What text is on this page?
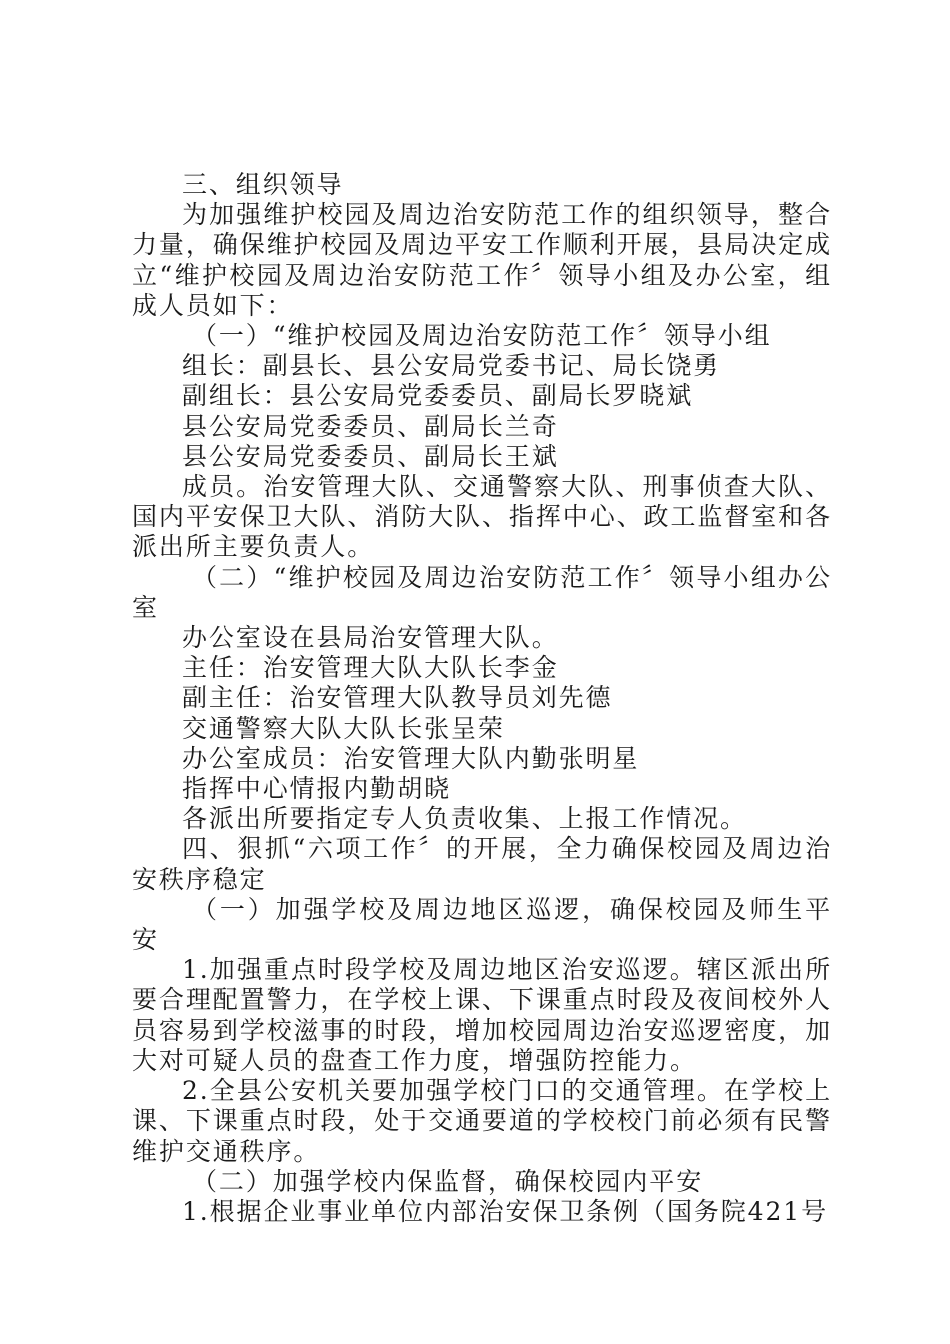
三、组织领导

为加强维护校园及周边治安防范工作的组织领导，整合力量，确保维护校园及周边平安工作顺利开展，县局决定成立“维护校园及周边治安防范工作〞领导小组及办公室，组成人员如下：

（一）“维护校园及周边治安防范工作〞领导小组

组长：副县长、县公安局党委书记、局长饶勇

副组长：县公安局党委委员、副局长罗晓斌

县公安局党委委员、副局长兰奇

县公安局党委委员、副局长王斌

成员。治安管理大队、交通警察大队、刑事侦查大队、国内平安保卫大队、消防大队、指挥中心、政工监督室和各派出所主要负责人。

（二）“维护校园及周边治安防范工作〞领导小组办公室

办公室设在县局治安管理大队。

主任：治安管理大队大队长李金

副主任：治安管理大队教导员刘先德

交通警察大队大队长张呈荣

办公室成员：治安管理大队内勤张明星

指挥中心情报内勤胡晓

各派出所要指定专人负责收集、上报工作情况。

四、狠抓“六项工作〞的开展，全力确保校园及周边治安秩序稳定

（一）加强学校及周边地区巡逻，确保校园及师生平安

1.加强重点时段学校及周边地区治安巡逻。辖区派出所要合理配置警力，在学校上课、下课重点时段及夜间校外人员容易到学校滋事的时段，增加校园周边治安巡逻密度，加大对可疑人员的盘查工作力度，增强防控能力。

2.全县公安机关要加强学校门口的交通管理。在学校上课、下课重点时段，处于交通要道的学校校门前必须有民警维护交通秩序。

（二）加强学校内保监督，确保校园内平安

1.根据企业事业单位内部治安保卫条例（国务院421号
